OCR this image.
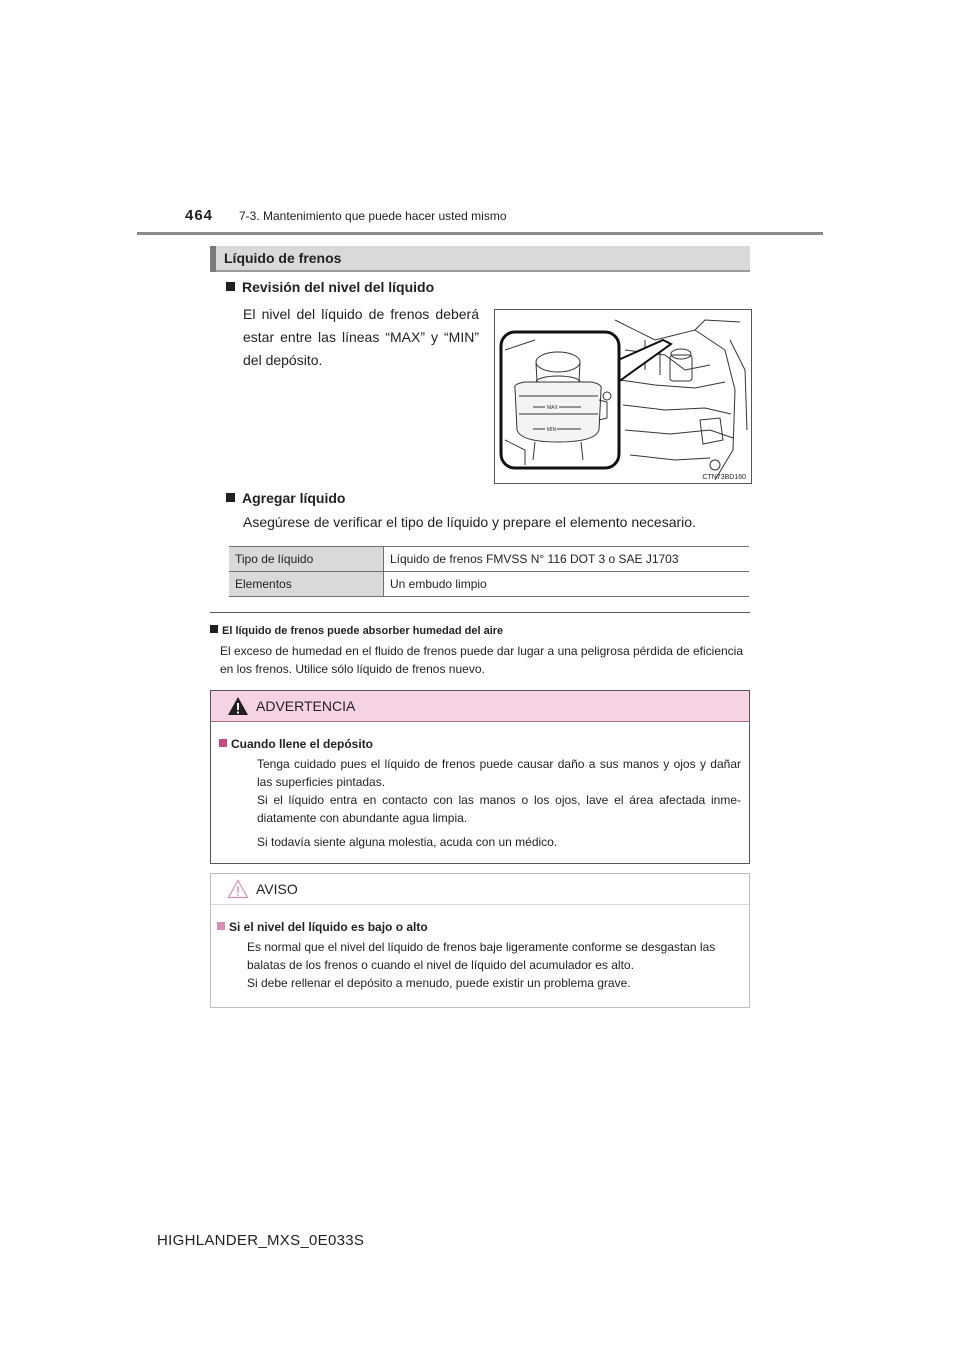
464 7-3. Mantenimiento que puede hacer usted mismo
Líquido de frenos
Revisión del nivel del líquido
El nivel del líquido de frenos deberá estar entre las líneas “MAX” y “MIN” del depósito.
MAX
MIN
CTN73BD160
Agregar líquido
Asegúrese de verificar el tipo de líquido y prepare el elemento necesario.
Tipo de líquido	Líquido de frenos FMVSS N° 116 DOT 3 o SAE J1703
Elementos	Un embudo limpio
El líquido de frenos puede absorber humedad del aire
El exceso de humedad en el fluido de frenos puede dar lugar a una peligrosa pérdida de eficiencia en los frenos. Utilice sólo líquido de frenos nuevo.
ADVERTENCIA
Cuando llene el depósito
Tenga cuidado pues el líquido de frenos puede causar daño a sus manos y ojos y dañar las superficies pintadas.
Si el líquido entra en contacto con las manos o los ojos, lave el área afectada inme-diatamente con abundante agua limpia.
Si todavía siente alguna molestia, acuda con un médico.
AVISO
Si el nivel del líquido es bajo o alto
Es normal que el nivel del líquido de frenos baje ligeramente conforme se desgastan las balatas de los frenos o cuando el nivel de líquido del acumulador es alto.
Si debe rellenar el depósito a menudo, puede existir un problema grave.
HIGHLANDER_MXS_0E033S
